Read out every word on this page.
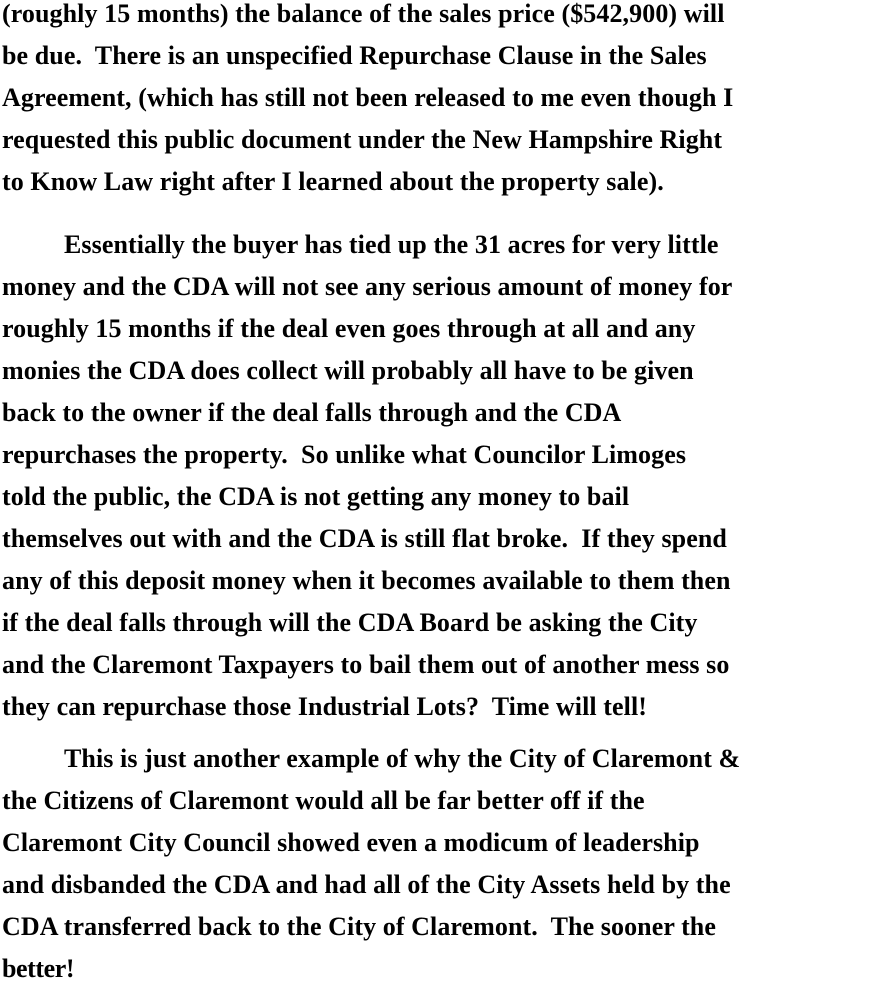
(roughly 15 months) the balance of the sales price ($542,900) will
be due.  There is an unspecified Repurchase Clause in the Sales
Agreement, (which has still not been released to me even though I
requested this public document under the New Hampshire Right
to Know Law right after I learned about the property sale).
Essentially the buyer has tied up the 31 acres for very little
money and the CDA will not see any serious amount of money for
roughly 15 months if the deal even goes through at all and any
monies the CDA does collect will probably all have to be given
back to the owner if the deal falls through and the CDA
repurchases the property.  So unlike what Councilor Limoges
told the public, the CDA is not getting any money to bail
themselves out with and the CDA is still flat broke.  If they spend
any of this deposit money when it becomes available to them then
if the deal falls through will the CDA Board be asking the City
and the Claremont Taxpayers to bail them out of another mess so
they can repurchase those Industrial Lots?  Time will tell!
This is just another example of why the City of Claremont &
the Citizens of Claremont would all be far better off if the
Claremont City Council showed even a modicum of leadership
and disbanded the CDA and had all of the City Assets held by the
CDA transferred back to the City of Claremont.  The sooner the
better!
